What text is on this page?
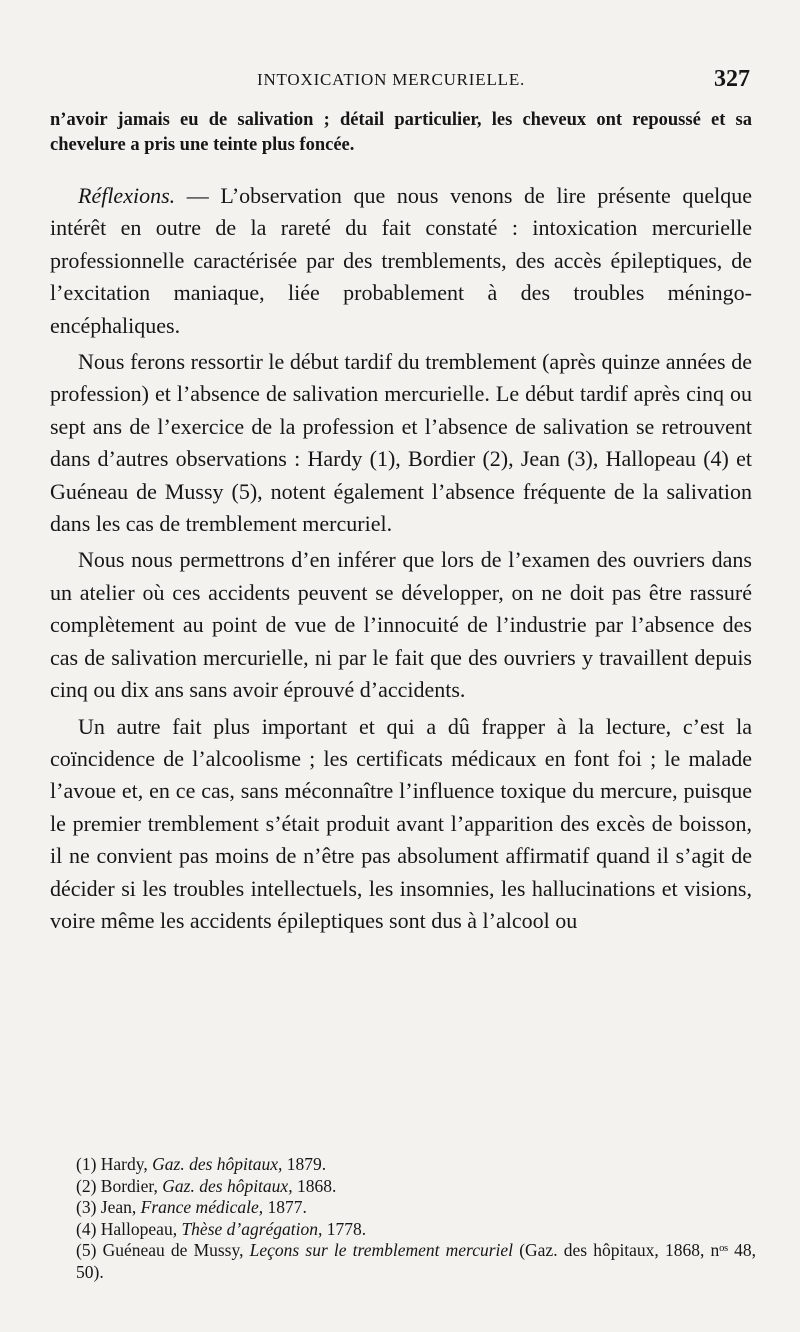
INTOXICATION MERCURIELLE.	327
n’avoir jamais eu de salivation ; détail particulier, les cheveux ont repoussé et sa chevelure a pris une teinte plus foncée.

Réflexions. — L’observation que nous venons de lire présente quelque intérêt en outre de la rareté du fait constaté : intoxication mercurielle professionnelle caractérisée par des tremblements, des accès épileptiques, de l’excitation maniaque, liée probablement à des troubles méningo-encéphaliques.

Nous ferons ressortir le début tardif du tremblement (après quinze années de profession) et l’absence de salivation mercurielle. Le début tardif après cinq ou sept ans de l’exercice de la profession et l’absence de salivation se retrouvent dans d’autres observations : Hardy (1), Bordier (2), Jean (3), Hallopeau (4) et Guéneau de Mussy (5), notent également l’absence fréquente de la salivation dans les cas de tremblement mercuriel.

Nous nous permettrons d’en inférer que lors de l’examen des ouvriers dans un atelier où ces accidents peuvent se développer, on ne doit pas être rassuré complètement au point de vue de l’innocuité de l’industrie par l’absence des cas de salivation mercurielle, ni par le fait que des ouvriers y travaillent depuis cinq ou dix ans sans avoir éprouvé d’accidents.

Un autre fait plus important et qui a dû frapper à la lecture, c’est la coïncidence de l’alcoolisme ; les certificats médicaux en font foi ; le malade l’avoue et, en ce cas, sans méconnaître l’influence toxique du mercure, puisque le premier tremblement s’était produit avant l’apparition des excès de boisson, il ne convient pas moins de n’être pas absolument affirmatif quand il s’agit de décider si les troubles intellectuels, les insomnies, les hallucinations et visions, voire même les accidents épileptiques sont dus à l’alcool ou

(1) Hardy, Gaz. des hôpitaux, 1879.
(2) Bordier, Gaz. des hôpitaux, 1868.
(3) Jean, France médicale, 1877.
(4) Hallopeau, Thèse d’agrégation, 1778.
(5) Guéneau de Mussy, Leçons sur le tremblement mercuriel (Gaz. des hôpitaux, 1868, nᵒˢ 48, 50).
